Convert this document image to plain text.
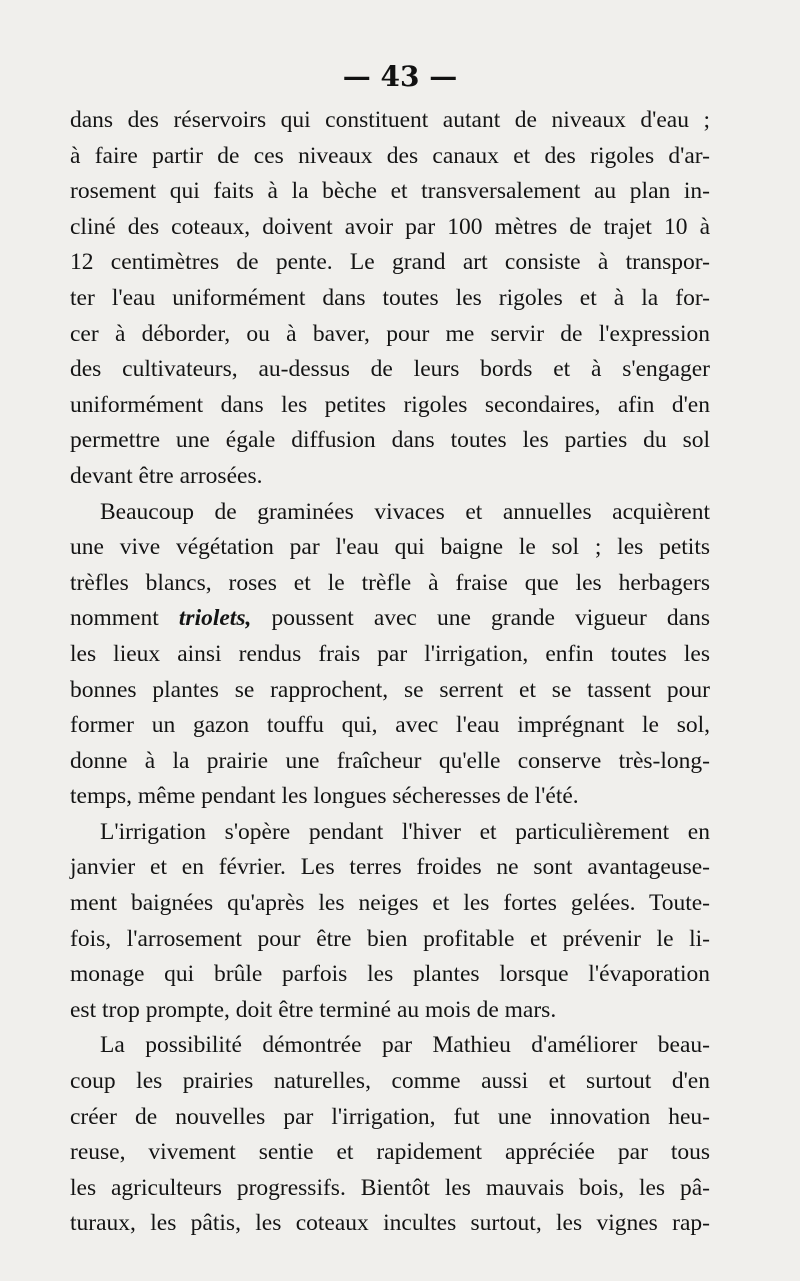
— 43 —
dans des réservoirs qui constituent autant de niveaux d'eau ;
à faire partir de ces niveaux des canaux et des rigoles d'ar-
rosement qui faits à la bèche et transversalement au plan in-
cliné des coteaux, doivent avoir par 100 mètres de trajet 10 à
12 centimètres de pente. Le grand art consiste à transpor-
ter l'eau uniformément dans toutes les rigoles et à la for-
cer à déborder, ou à baver, pour me servir de l'expression
des cultivateurs, au-dessus de leurs bords et à s'engager
uniformément dans les petites rigoles secondaires, afin d'en
permettre une égale diffusion dans toutes les parties du sol
devant être arrosées.
Beaucoup de graminées vivaces et annuelles acquièrent
une vive végétation par l'eau qui baigne le sol ; les petits
trèfles blancs, roses et le trèfle à fraise que les herbagers
nomment triolets, poussent avec une grande vigueur dans
les lieux ainsi rendus frais par l'irrigation, enfin toutes les
bonnes plantes se rapprochent, se serrent et se tassent pour
former un gazon touffu qui, avec l'eau imprégnant le sol,
donne à la prairie une fraîcheur qu'elle conserve très-long-
temps, même pendant les longues sécheresses de l'été.
L'irrigation s'opère pendant l'hiver et particulièrement en
janvier et en février. Les terres froides ne sont avantageuse-
ment baignées qu'après les neiges et les fortes gelées. Toute-
fois, l'arrosement pour être bien profitable et prévenir le li-
monage qui brûle parfois les plantes lorsque l'évaporation
est trop prompte, doit être terminé au mois de mars.
La possibilité démontrée par Mathieu d'améliorer beau-
coup les prairies naturelles, comme aussi et surtout d'en
créer de nouvelles par l'irrigation, fut une innovation heu-
reuse, vivement sentie et rapidement appréciée par tous
les agriculteurs progressifs. Bientôt les mauvais bois, les pâ-
turaux, les pâtis, les coteaux incultes surtout, les vignes rap-
